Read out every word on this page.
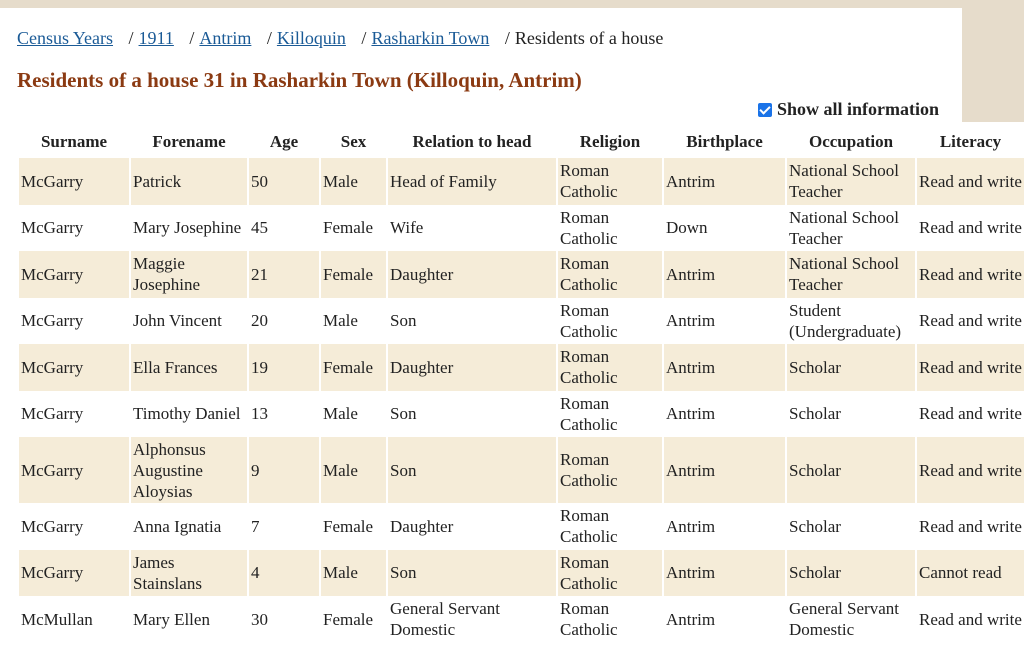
Census Years / 1911 / Antrim / Killoquin / Rasharkin Town / Residents of a house
Residents of a house 31 in Rasharkin Town (Killoquin, Antrim)
Show all information
Surname	Forename	Age	Sex	Relation to head	Religion	Birthplace	Occupation	Literacy
McGarry	Patrick	50	Male	Head of Family	Roman Catholic	Antrim	National School Teacher	Read and write
McGarry	Mary Josephine	45	Female	Wife	Roman Catholic	Down	National School Teacher	Read and write
McGarry	Maggie Josephine	21	Female	Daughter	Roman Catholic	Antrim	National School Teacher	Read and write
McGarry	John Vincent	20	Male	Son	Roman Catholic	Antrim	Student (Undergraduate)	Read and write
McGarry	Ella Frances	19	Female	Daughter	Roman Catholic	Antrim	Scholar	Read and write
McGarry	Timothy Daniel	13	Male	Son	Roman Catholic	Antrim	Scholar	Read and write
McGarry	Alphonsus Augustine Aloysias	9	Male	Son	Roman Catholic	Antrim	Scholar	Read and write
McGarry	Anna Ignatia	7	Female	Daughter	Roman Catholic	Antrim	Scholar	Read and write
McGarry	James Stainslans	4	Male	Son	Roman Catholic	Antrim	Scholar	Cannot read
McMullan	Mary Ellen	30	Female	General Servant Domestic	Roman Catholic	Antrim	General Servant Domestic	Read and write
